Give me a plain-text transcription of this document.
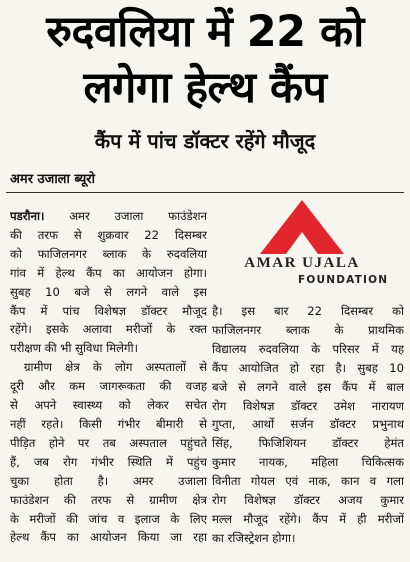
रुदवलिया में 22 को
लगेगा हेल्थ कैंप
कैंप में पांच डॉक्टर रहेंगे मौजूद
अमर उजाला ब्यूरो
AMAR UJALA
FOUNDATION
पडरौना। अमर उजाला फाउंडेशन
की तरफ से शुक्रवार 22 दिसम्बर
को फाजिलनगर ब्लाक के रुदवलिया
गांव में हेल्थ कैंप का आयोजन होगा।
सुबह 10 बजे से लगने वाले इस
कैंप में पांच विशेषज्ञ डॉक्टर मौजूद
रहेंगे। इसके अलावा मरीजों के रक्त
परीक्षण की भी सुविधा मिलेगी।
ग्रामीण क्षेत्र के लोग अस्पतालों से
दूरी और कम जागरूकता की वजह
से अपने स्वास्थ्य को लेकर सचेत
नहीं रहते। किसी गंभीर बीमारी से
पीड़ित होने पर तब अस्पताल पहुंचते
हैं, जब रोग गंभीर स्थिति में पहुंच
चुका होता है। अमर उजाला
फाउंडेशन की तरफ से ग्रामीण क्षेत्र
के मरीजों की जांच व इलाज के लिए
हेल्थ कैंप का आयोजन किया जा रहा
है। इस बार 22 दिसम्बर को
फाजिलनगर ब्लाक के प्राथमिक
विद्यालय रुदवलिया के परिसर में यह
कैंप आयोजित हो रहा है। सुबह 10
बजे से लगने वाले इस कैंप में बाल
रोग विशेषज्ञ डॉक्टर उमेश नारायण
गुप्ता, आर्थो सर्जन डॉक्टर प्रभुनाथ
सिंह, फिजिशियन डॉक्टर हेमंत
कुमार नायक, महिला चिकित्सक
विनीता गोयल एवं नाक, कान व गला
रोग विशेषज्ञ डॉक्टर अजय कुमार
मल्ल मौजूद रहेंगे। कैंप में ही मरीजों
का रजिस्ट्रेशन होगा।
